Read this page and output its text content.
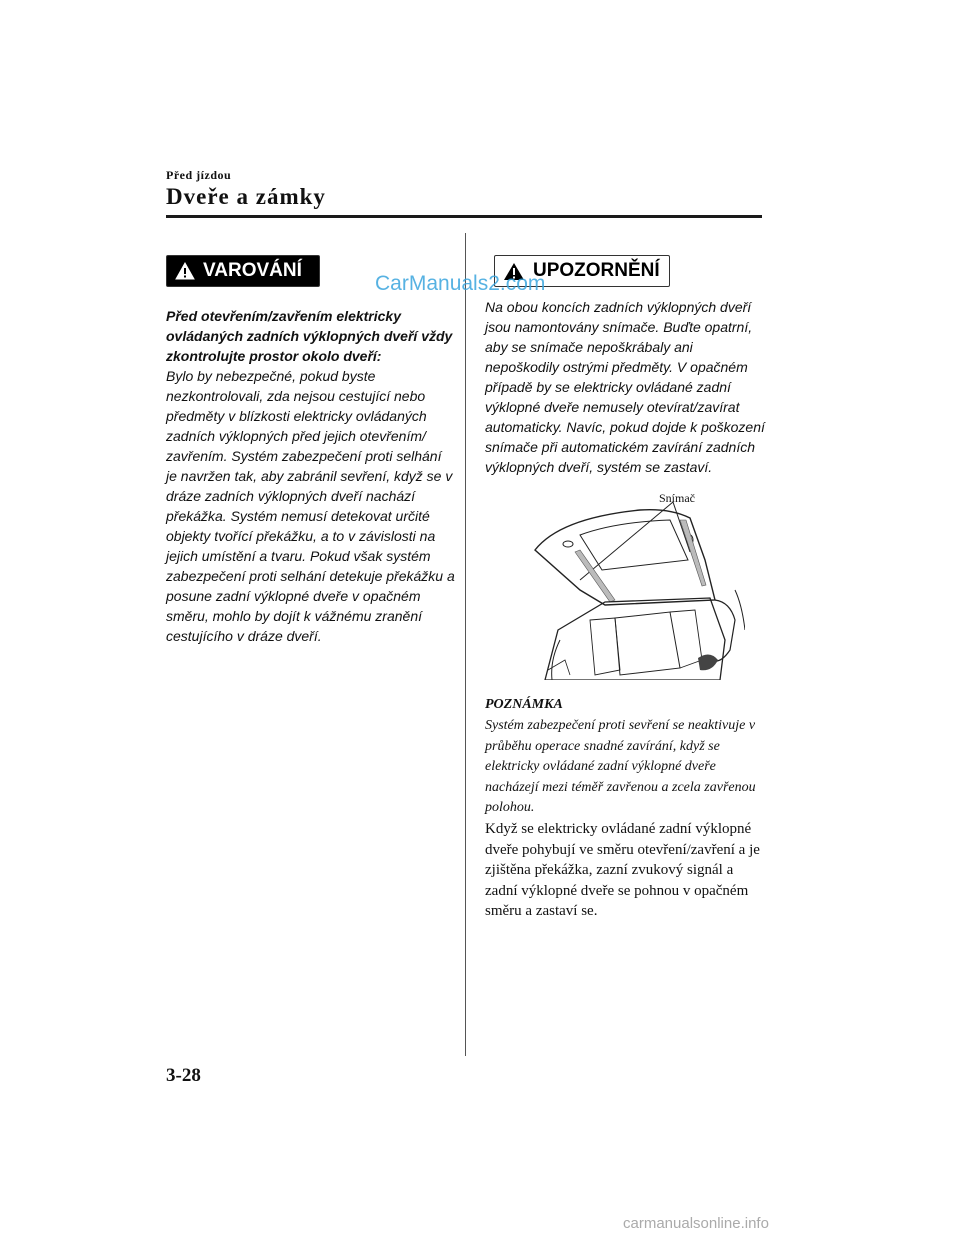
Před jízdou
Dveře a zámky
VAROVÁNÍ
Před otevřením/zavřením elektricky ovládaných zadních výklopných dveří vždy zkontrolujte prostor okolo dveří:
Bylo by nebezpečné, pokud byste nezkontrolovali, zda nejsou cestující nebo předměty v blízkosti elektricky ovládaných zadních výklopných před jejich otevřením/ zavřením. Systém zabezpečení proti selhání je navržen tak, aby zabránil sevření, když se v dráze zadních výklopných dveří nachází překážka. Systém nemusí detekovat určité objekty tvořící překážku, a to v závislosti na jejich umístění a tvaru. Pokud však systém zabezpečení proti selhání detekuje překážku a posune zadní výklopné dveře v opačném směru, mohlo by dojít k vážnému zranění cestujícího v dráze dveří.
UPOZORNĚNÍ
CarManuals2.com
Na obou koncích zadních výklopných dveří jsou namontovány snímače. Buďte opatrní, aby se snímače nepoškrábaly ani nepoškodily ostrými předměty. V opačném případě by se elektricky ovládané zadní výklopné dveře nemusely otevírat/zavírat automaticky. Navíc, pokud dojde k poškození snímače při automatickém zavírání zadních výklopných dveří, systém se zastaví.
Snímač
POZNÁMKA
Systém zabezpečení proti sevření se neaktivuje v průběhu operace snadné zavírání, když se elektricky ovládané zadní výklopné dveře nacházejí mezi téměř zavřenou a zcela zavřenou polohou.
Když se elektricky ovládané zadní výklopné dveře pohybují ve směru otevření/zavření a je zjištěna překážka, zazní zvukový signál a zadní výklopné dveře se pohnou v opačném směru a zastaví se.
3-28
carmanualsonline.info
